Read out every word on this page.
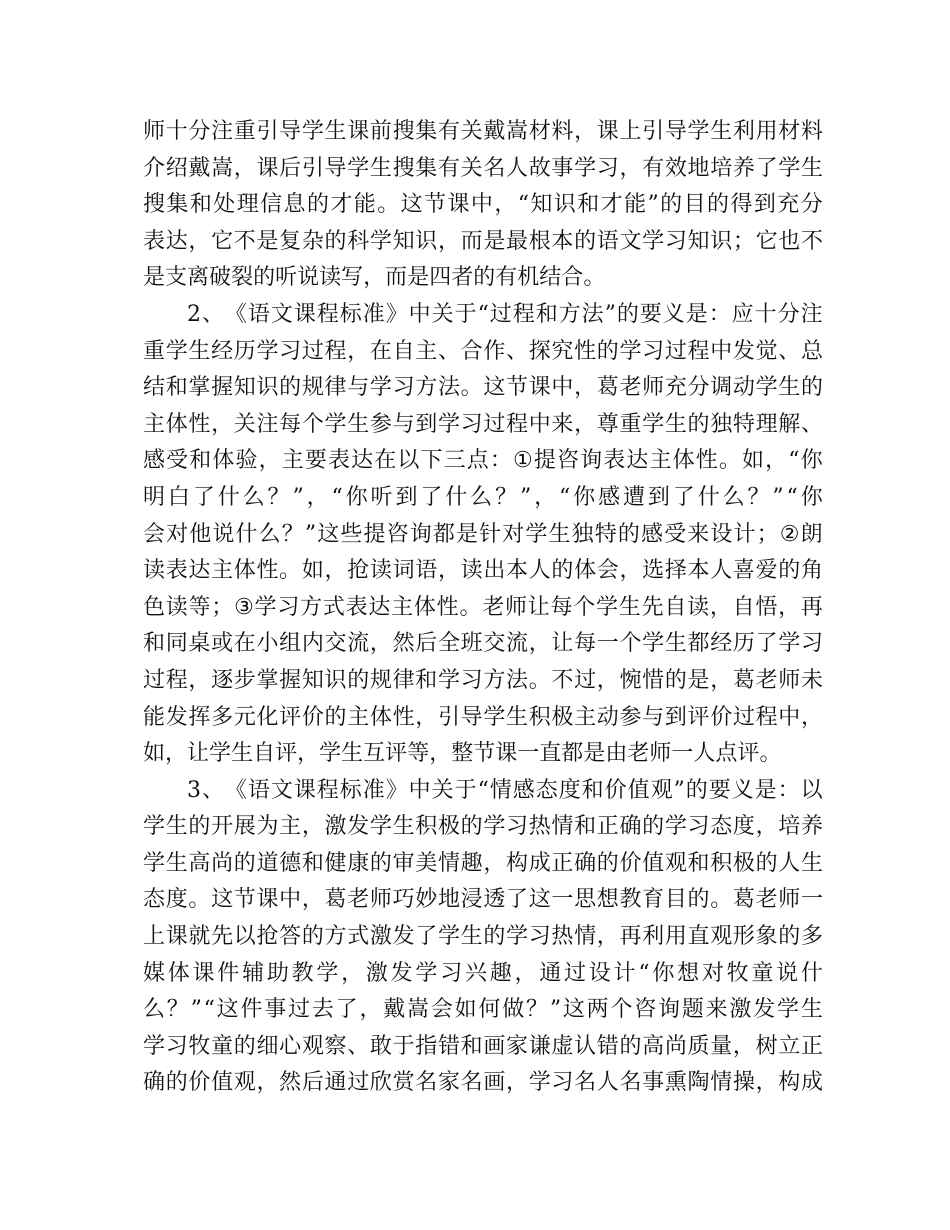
师 十 分 注 重 引 导 学 生 课 前 搜 集 有 关 戴 嵩 材 料 ， 课 上 引 导 学 生 利 用 材 料
介 绍 戴 嵩 ， 课 后 引 导 学 生 搜 集 有 关 名 人 故 事 学 习 ， 有 效 地 培 养 了 学 生
搜 集 和 处 理 信 息 的 才 能 。 这 节 课 中 ， “ 知 识 和 才 能 ” 的 目 的 得 到 充 分
表 达 ， 它 不 是 复 杂 的 科 学 知 识 ， 而 是 最 根 本 的 语 文 学 习 知 识 ； 它 也 不
是 支 离 破 裂 的 听 说 读 写 ， 而 是 四 者 的 有 机 结 合 。
2 、 《 语 文 课 程 标 准 》 中 关 于 “ 过 程 和 方 法 ” 的 要 义 是 ： 应 十 分 注
重 学 生 经 历 学 习 过 程 ， 在 自 主 、 合 作 、 探 究 性 的 学 习 过 程 中 发 觉 、 总
结 和 掌 握 知 识 的 规 律 与 学 习 方 法 。 这 节 课 中 ， 葛 老 师 充 分 调 动 学 生 的
主 体 性 ， 关 注 每 个 学 生 参 与 到 学 习 过 程 中 来 ， 尊 重 学 生 的 独 特 理 解 、
感 受 和 体 验 ， 主 要 表 达 在 以 下 三 点 ： ① 提 咨 询 表 达 主 体 性 。 如 ， “ 你
明 白 了 什 么 ？ ” ， “ 你 听 到 了 什 么 ？ ” ， “ 你 感 遭 到 了 什 么 ？ ” “ 你
会 对 他 说 什 么 ？ ” 这 些 提 咨 询 都 是 针 对 学 生 独 特 的 感 受 来 设 计 ； ② 朗
读 表 达 主 体 性 。 如 ， 抢 读 词 语 ， 读 出 本 人 的 体 会 ， 选 择 本 人 喜 爱 的 角
色 读 等 ； ③ 学 习 方 式 表 达 主 体 性 。 老 师 让 每 个 学 生 先 自 读 ， 自 悟 ， 再
和 同 桌 或 在 小 组 内 交 流 ， 然 后 全 班 交 流 ， 让 每 一 个 学 生 都 经 历 了 学 习
过 程 ， 逐 步 掌 握 知 识 的 规 律 和 学 习 方 法 。 不 过 ， 惋 惜 的 是 ， 葛 老 师 未
能 发 挥 多 元 化 评 价 的 主 体 性 ， 引 导 学 生 积 极 主 动 参 与 到 评 价 过 程 中 ，
如 ， 让 学 生 自 评 ， 学 生 互 评 等 ， 整 节 课 一 直 都 是 由 老 师 一 人 点 评 。
3 、 《 语 文 课 程 标 准 》 中 关 于 “ 情 感 态 度 和 价 值 观 ” 的 要 义 是 ： 以
学 生 的 开 展 为 主 ， 激 发 学 生 积 极 的 学 习 热 情 和 正 确 的 学 习 态 度 ， 培 养
学 生 高 尚 的 道 德 和 健 康 的 审 美 情 趣 ， 构 成 正 确 的 价 值 观 和 积 极 的 人 生
态 度 。 这 节 课 中 ， 葛 老 师 巧 妙 地 浸 透 了 这 一 思 想 教 育 目 的 。 葛 老 师 一
上 课 就 先 以 抢 答 的 方 式 激 发 了 学 生 的 学 习 热 情 ， 再 利 用 直 观 形 象 的 多
媒 体 课 件 辅 助 教 学 ， 激 发 学 习 兴 趣 ， 通 过 设 计 “ 你 想 对 牧 童 说 什
么 ？ ” “ 这 件 事 过 去 了 ， 戴 嵩 会 如 何 做 ？ ” 这 两 个 咨 询 题 来 激 发 学 生
学 习 牧 童 的 细 心 观 察 、 敢 于 指 错 和 画 家 谦 虚 认 错 的 高 尚 质 量 ， 树 立 正
确 的 价 值 观 ， 然 后 通 过 欣 赏 名 家 名 画 ， 学 习 名 人 名 事 熏 陶 情 操 ， 构 成
